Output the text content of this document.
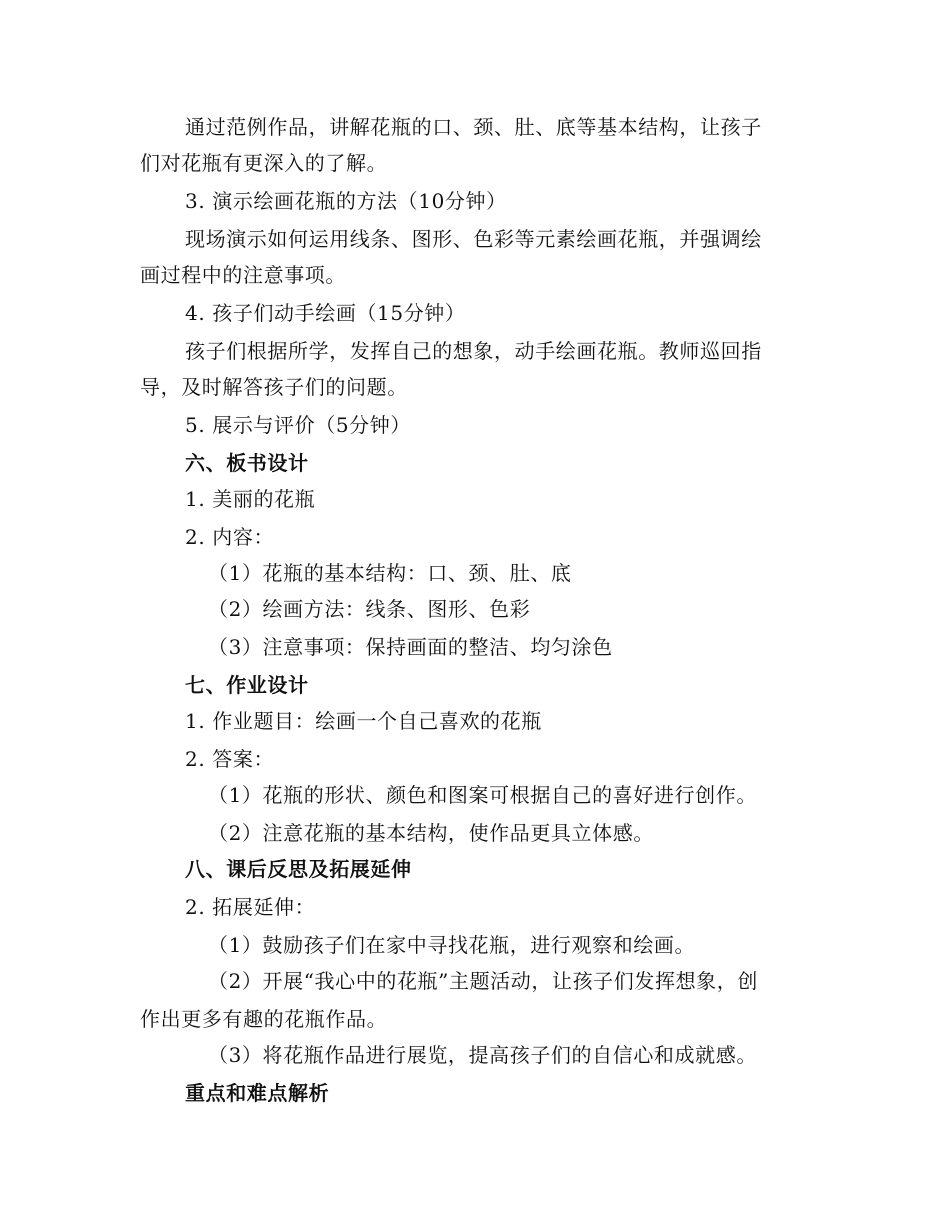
通过范例作品，讲解花瓶的口、颈、肚、底等基本结构，让孩子
们对花瓶有更深入的了解。
3. 演示绘画花瓶的方法（10分钟）
现场演示如何运用线条、图形、色彩等元素绘画花瓶，并强调绘
画过程中的注意事项。
4. 孩子们动手绘画（15分钟）
孩子们根据所学，发挥自己的想象，动手绘画花瓶。教师巡回指
导，及时解答孩子们的问题。
5. 展示与评价（5分钟）
六、板书设计
1. 美丽的花瓶
2. 内容：
（1）花瓶的基本结构：口、颈、肚、底
（2）绘画方法：线条、图形、色彩
（3）注意事项：保持画面的整洁、均匀涂色
七、作业设计
1. 作业题目：绘画一个自己喜欢的花瓶
2. 答案：
（1）花瓶的形状、颜色和图案可根据自己的喜好进行创作。
（2）注意花瓶的基本结构，使作品更具立体感。
八、课后反思及拓展延伸
2. 拓展延伸：
（1）鼓励孩子们在家中寻找花瓶，进行观察和绘画。
（2）开展“我心中的花瓶”主题活动，让孩子们发挥想象，创
作出更多有趣的花瓶作品。
（3）将花瓶作品进行展览，提高孩子们的自信心和成就感。
重点和难点解析
